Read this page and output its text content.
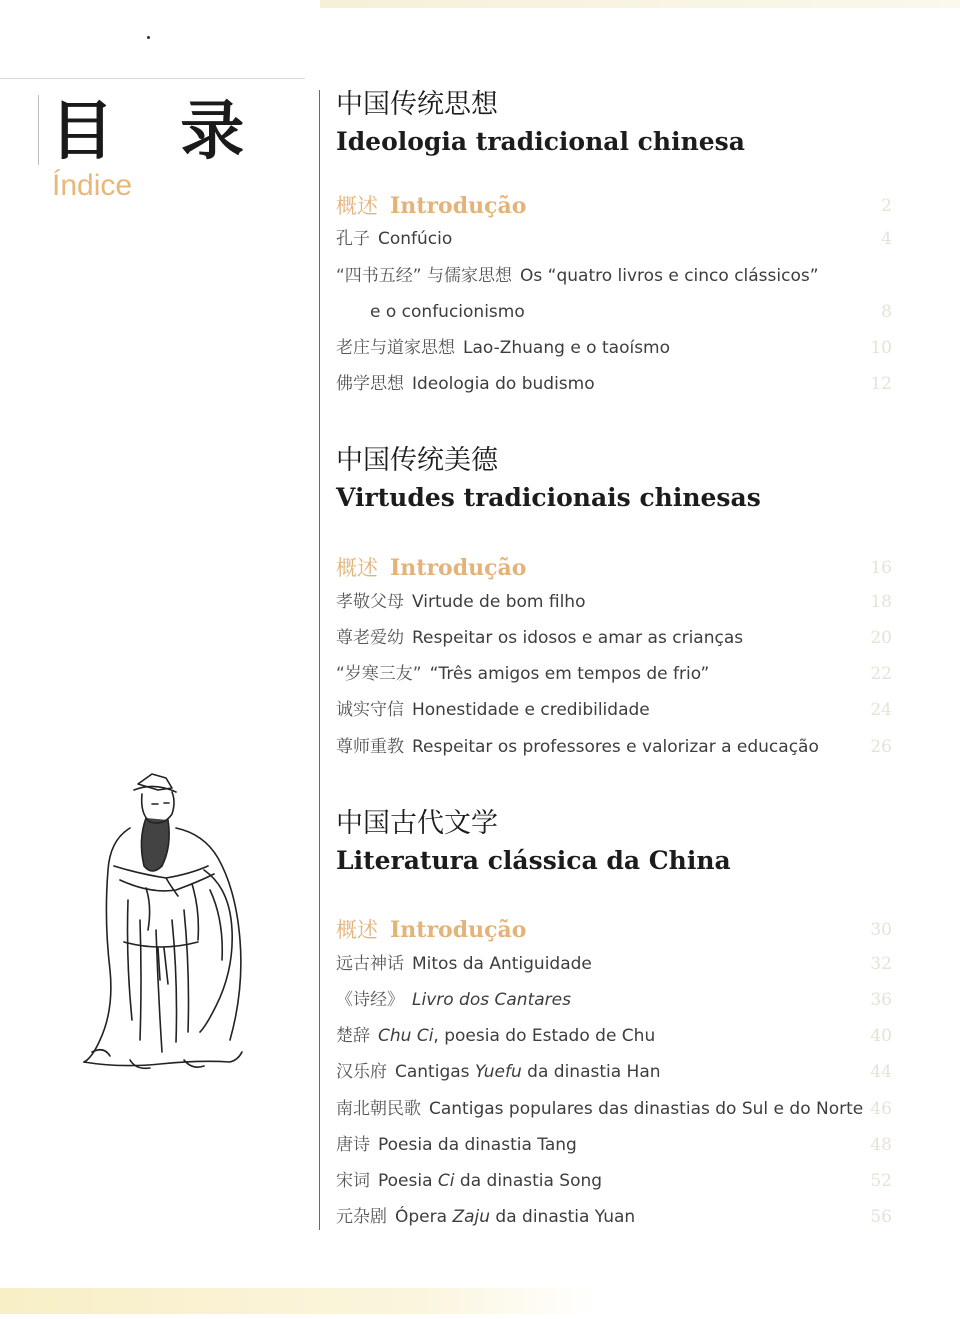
目 录
Índice
中国传统思想
Ideologia tradicional chinesa
概述 Introdução	2
孔子 Confúcio	4
“四书五经” 与儒家思想 Os “quatro livros e cinco clássicos”
e o confucionismo	8
老庄与道家思想 Lao-Zhuang e o taoísmo	10
佛学思想 Ideologia do budismo	12
中国传统美德
Virtudes tradicionais chinesas
概述 Introdução	16
孝敬父母 Virtude de bom filho	18
尊老爱幼 Respeitar os idosos e amar as crianças	20
“岁寒三友” “Três amigos em tempos de frio”	22
诚实守信 Honestidade e credibilidade	24
尊师重教 Respeitar os professores e valorizar a educação	26
中国古代文学
Literatura clássica da China
概述 Introdução	30
远古神话 Mitos da Antiguidade	32
《诗经》 Livro dos Cantares	36
楚辞 Chu Ci, poesia do Estado de Chu	40
汉乐府 Cantigas Yuefu da dinastia Han	44
南北朝民歌 Cantigas populares das dinastias do Sul e do Norte 46
唐诗 Poesia da dinastia Tang	48
宋词 Poesia Ci da dinastia Song	52
元杂剧 Ópera Zaju da dinastia Yuan	56
